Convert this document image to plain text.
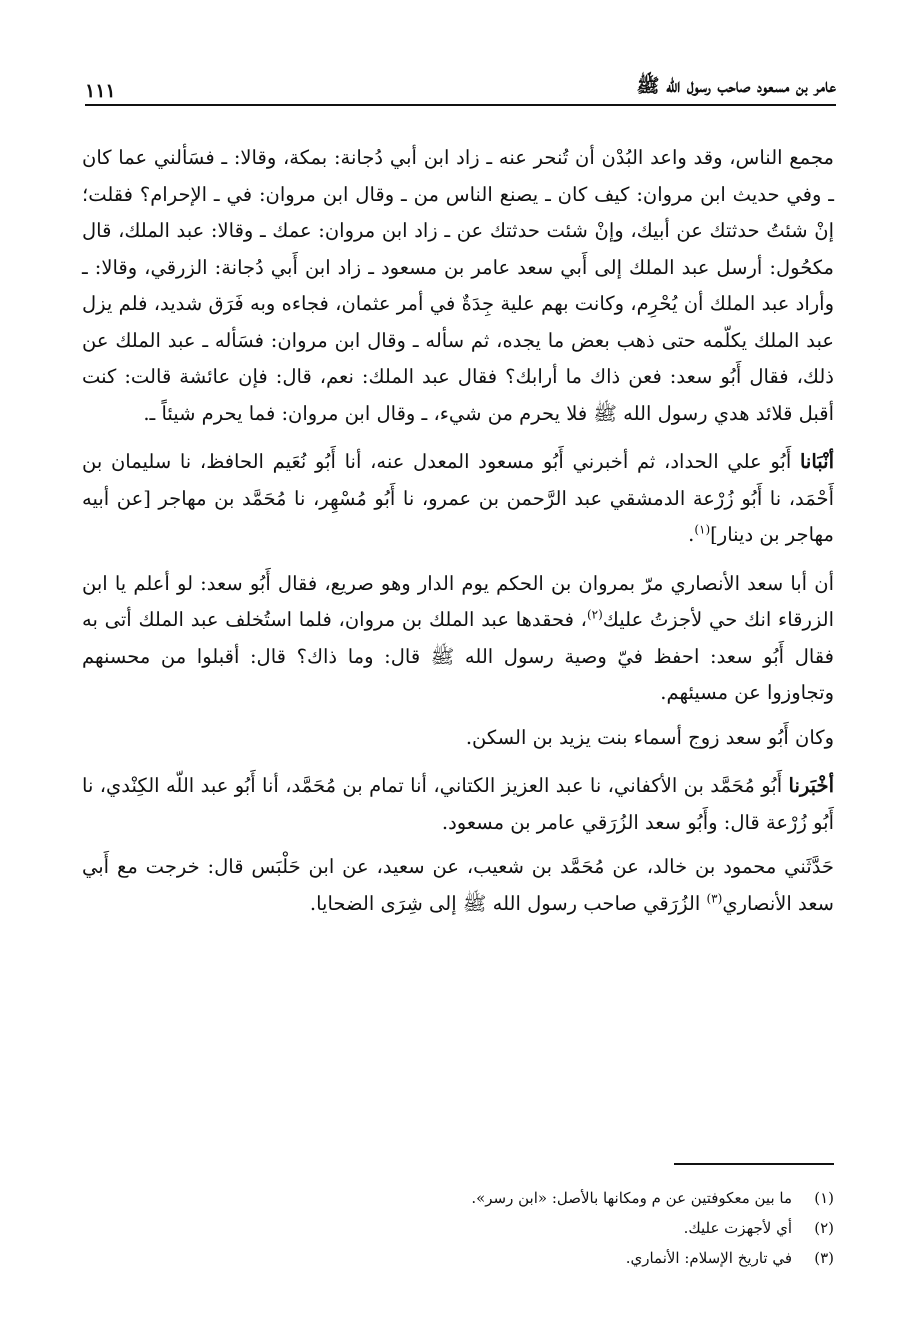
عامر بن مسعود صاحب رسول الله ﷺ
١١١

مجمع الناس، وقد واعد البُدْن أن تُنحر عنه ـ زاد ابن أبي دُجانة: بمكة، وقالا: ـ فسَألني عما كان ـ وفي حديث ابن مروان: كيف كان ـ يصنع الناس من ـ وقال ابن مروان: في ـ الإحرام؟ فقلت؛ إنْ شئتُ حدثتك عن أبيك، وإنْ شئت حدثتك عن ـ زاد ابن مروان: عمك ـ وقالا: عبد الملك، قال مكحُول: أرسل عبد الملك إلى أَبي سعد عامر بن مسعود ـ زاد ابن أَبي دُجانة: الزرقي، وقالا: ـ وأراد عبد الملك أن يُحْرِم، وكانت بهم علية جِدَةٌ في أمر عثمان، فجاءه وبه فَرَق شديد، فلم يزل عبد الملك يكلّمه حتى ذهب بعض ما يجده، ثم سأله ـ وقال ابن مروان: فسَأله ـ عبد الملك عن ذلك، فقال أَبُو سعد: فعن ذاك ما أرابك؟ فقال عبد الملك: نعم، قال: فإن عائشة قالت: كنت أقبل قلائد هدي رسول الله ﷺ فلا يحرم من شيء، ـ وقال ابن مروان: فما يحرم شيئاً ـ.

أنْبَانا أَبُو علي الحداد، ثم أخبرني أَبُو مسعود المعدل عنه، أنا أَبُو نُعَيم الحافظ، نا سليمان بن أَحْمَد، نا أَبُو زُرْعة الدمشقي عبد الرَّحمن بن عمرو، نا أَبُو مُسْهِر، نا مُحَمَّد بن مهاجر [عن أبيه مهاجر بن دينار]$^{(١)}$.

أن أبا سعد الأنصاري مرّ بمروان بن الحكم يوم الدار وهو صريع، فقال أَبُو سعد: لو أعلم يا ابن الزرقاء انك حي لأجزتُ عليك$^{(٢)}$، فحقدها عبد الملك بن مروان، فلما استُخلف عبد الملك أتى به فقال أَبُو سعد: احفظ فيّ وصية رسول الله ﷺ قال: وما ذاك؟ قال: أقبلوا من محسنهم وتجاوزوا عن مسيئهم.

وكان أَبُو سعد زوج أسماء بنت يزيد بن السكن.

أخْبَرنا أَبُو مُحَمَّد بن الأكفاني، نا عبد العزيز الكتاني، أنا تمام بن مُحَمَّد، أنا أَبُو عبد اللّه الكِنْدي، نا أَبُو زُرْعة قال: وأَبُو سعد الزُرَقي عامر بن مسعود.

حَدَّثَني محمود بن خالد، عن مُحَمَّد بن شعيب، عن سعيد، عن ابن حَلْبَس قال: خرجت مع أَبي سعد الأنصاري$^{(٣)}$ الزُرَقي صاحب رسول الله ﷺ إلى شِرَى الضحايا.

(١)
ما بين معكوفتين عن م ومكانها بالأصل: «ابن رسر».
(٢)
أي لأجهزت عليك.
(٣)
في تاريخ الإسلام: الأنماري.
